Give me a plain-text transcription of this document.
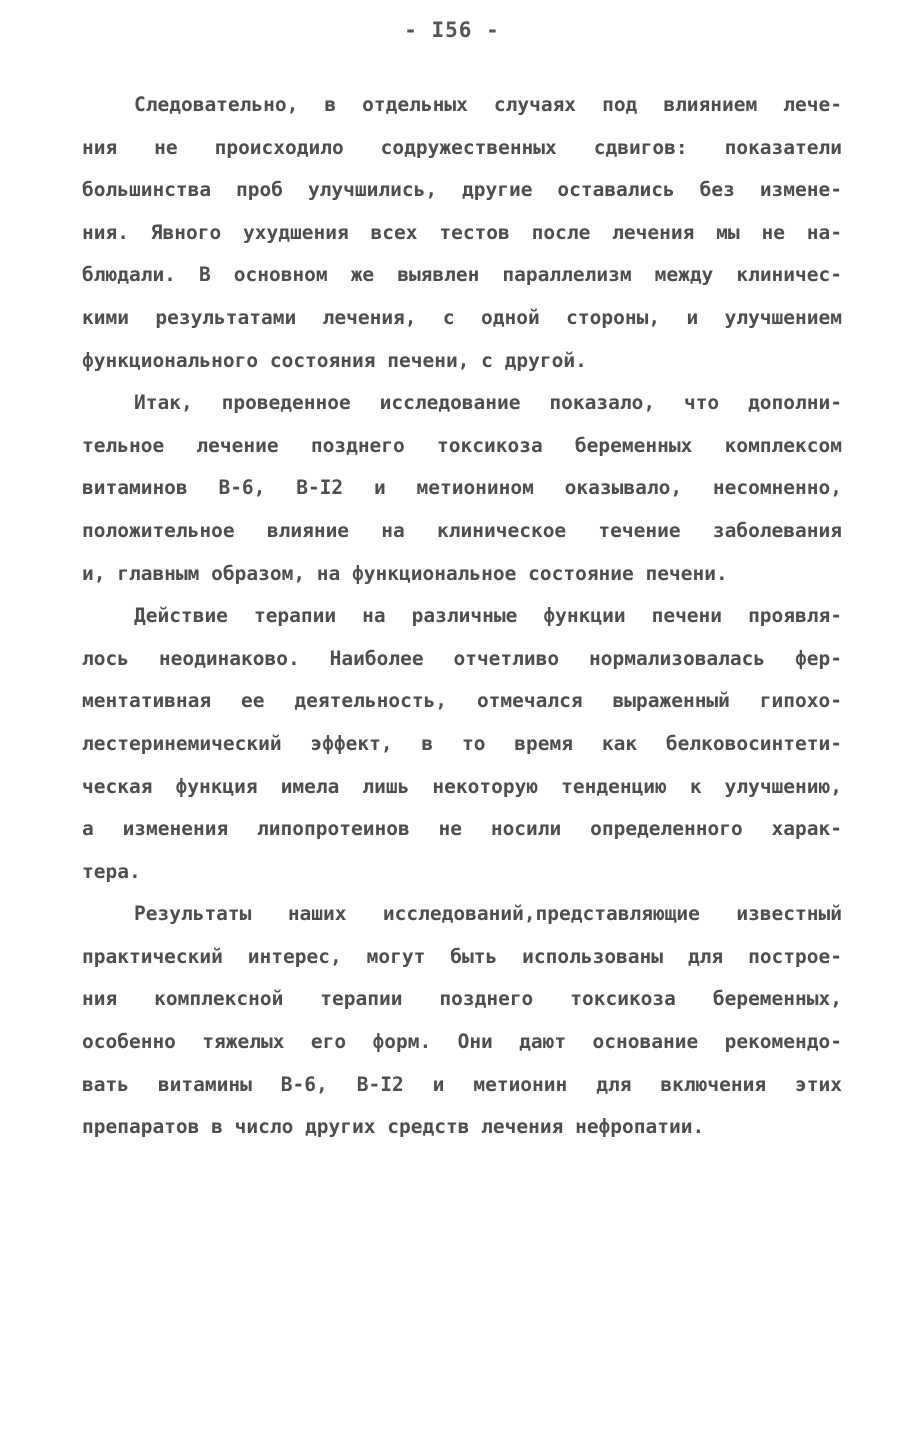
- I56 -
Следовательно, в отдельных случаях под влиянием лече-
ния не происходило содружественных сдвигов: показатели
большинства проб улучшились, другие оставались без измене-
ния. Явного ухудшения всех тестов после лечения мы не на-
блюдали. В основном же выявлен параллелизм между клиничес-
кими результатами лечения, с одной стороны, и улучшением
функционального состояния печени, с другой.
Итак, проведенное исследование показало, что дополни-
тельное лечение позднего токсикоза беременных комплексом
витаминов В-6, В-I2 и метионином оказывало, несомненно,
положительное влияние на клиническое течение заболевания
и, главным образом, на функциональное состояние печени.
Действие терапии на различные функции печени проявля-
лось неодинаково. Наиболее отчетливо нормализовалась фер-
ментативная ее деятельность, отмечался выраженный гипохо-
лестеринемический эффект, в то время как белковосинтети-
ческая функция имела лишь некоторую тенденцию к улучшению,
а изменения липопротеинов не носили определенного харак-
тера.
Результаты наших исследований,представляющие известный
практический интерес, могут быть использованы для построе-
ния комплексной терапии позднего токсикоза беременных,
особенно тяжелых его форм. Они дают основание рекомендо-
вать витамины В-6, В-I2 и метионин для включения этих
препаратов в число других средств лечения нефропатии.
